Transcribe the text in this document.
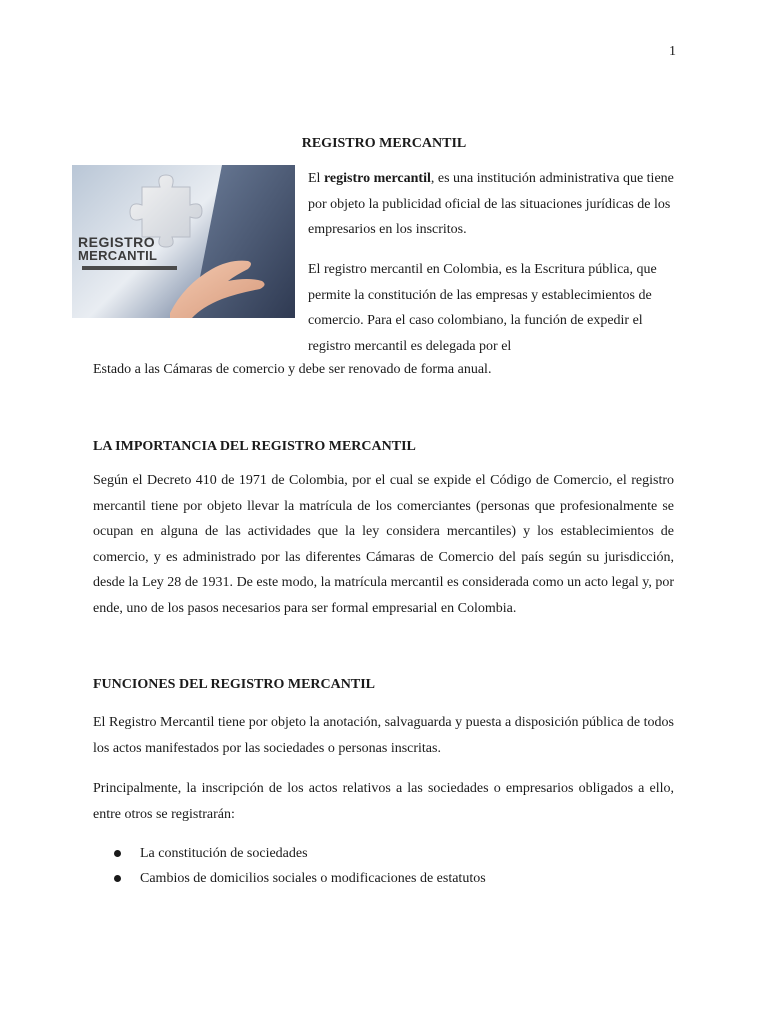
1
REGISTRO MERCANTIL
REGISTRO
MERCANTIL
El registro mercantil, es una institución administrativa que tiene por objeto la publicidad oficial de las situaciones jurídicas de los empresarios en los inscritos.
El registro mercantil en Colombia, es la Escritura pública, que permite la constitución de las empresas y establecimientos de comercio. Para el caso colombiano, la función de expedir el registro mercantil es delegada por el
Estado a las Cámaras de comercio y debe ser renovado de forma anual.
LA IMPORTANCIA DEL REGISTRO MERCANTIL
Según el Decreto 410 de 1971 de Colombia, por el cual se expide el Código de Comercio, el registro mercantil tiene por objeto llevar la matrícula de los comerciantes (personas que profesionalmente se ocupan en alguna de las actividades que la ley considera mercantiles) y los establecimientos de comercio, y es administrado por las diferentes Cámaras de Comercio del país según su jurisdicción, desde la Ley 28 de 1931. De este modo, la matrícula mercantil es considerada como un acto legal y, por ende, uno de los pasos necesarios para ser formal empresarial en Colombia.
FUNCIONES DEL REGISTRO MERCANTIL
El Registro Mercantil tiene por objeto la anotación, salvaguarda y puesta a disposición pública de todos los actos manifestados por las sociedades o personas inscritas.
Principalmente, la inscripción de los actos relativos a las sociedades o empresarios obligados a ello, entre otros se registrarán:
La constitución de sociedades
Cambios de domicilios sociales o modificaciones de estatutos
